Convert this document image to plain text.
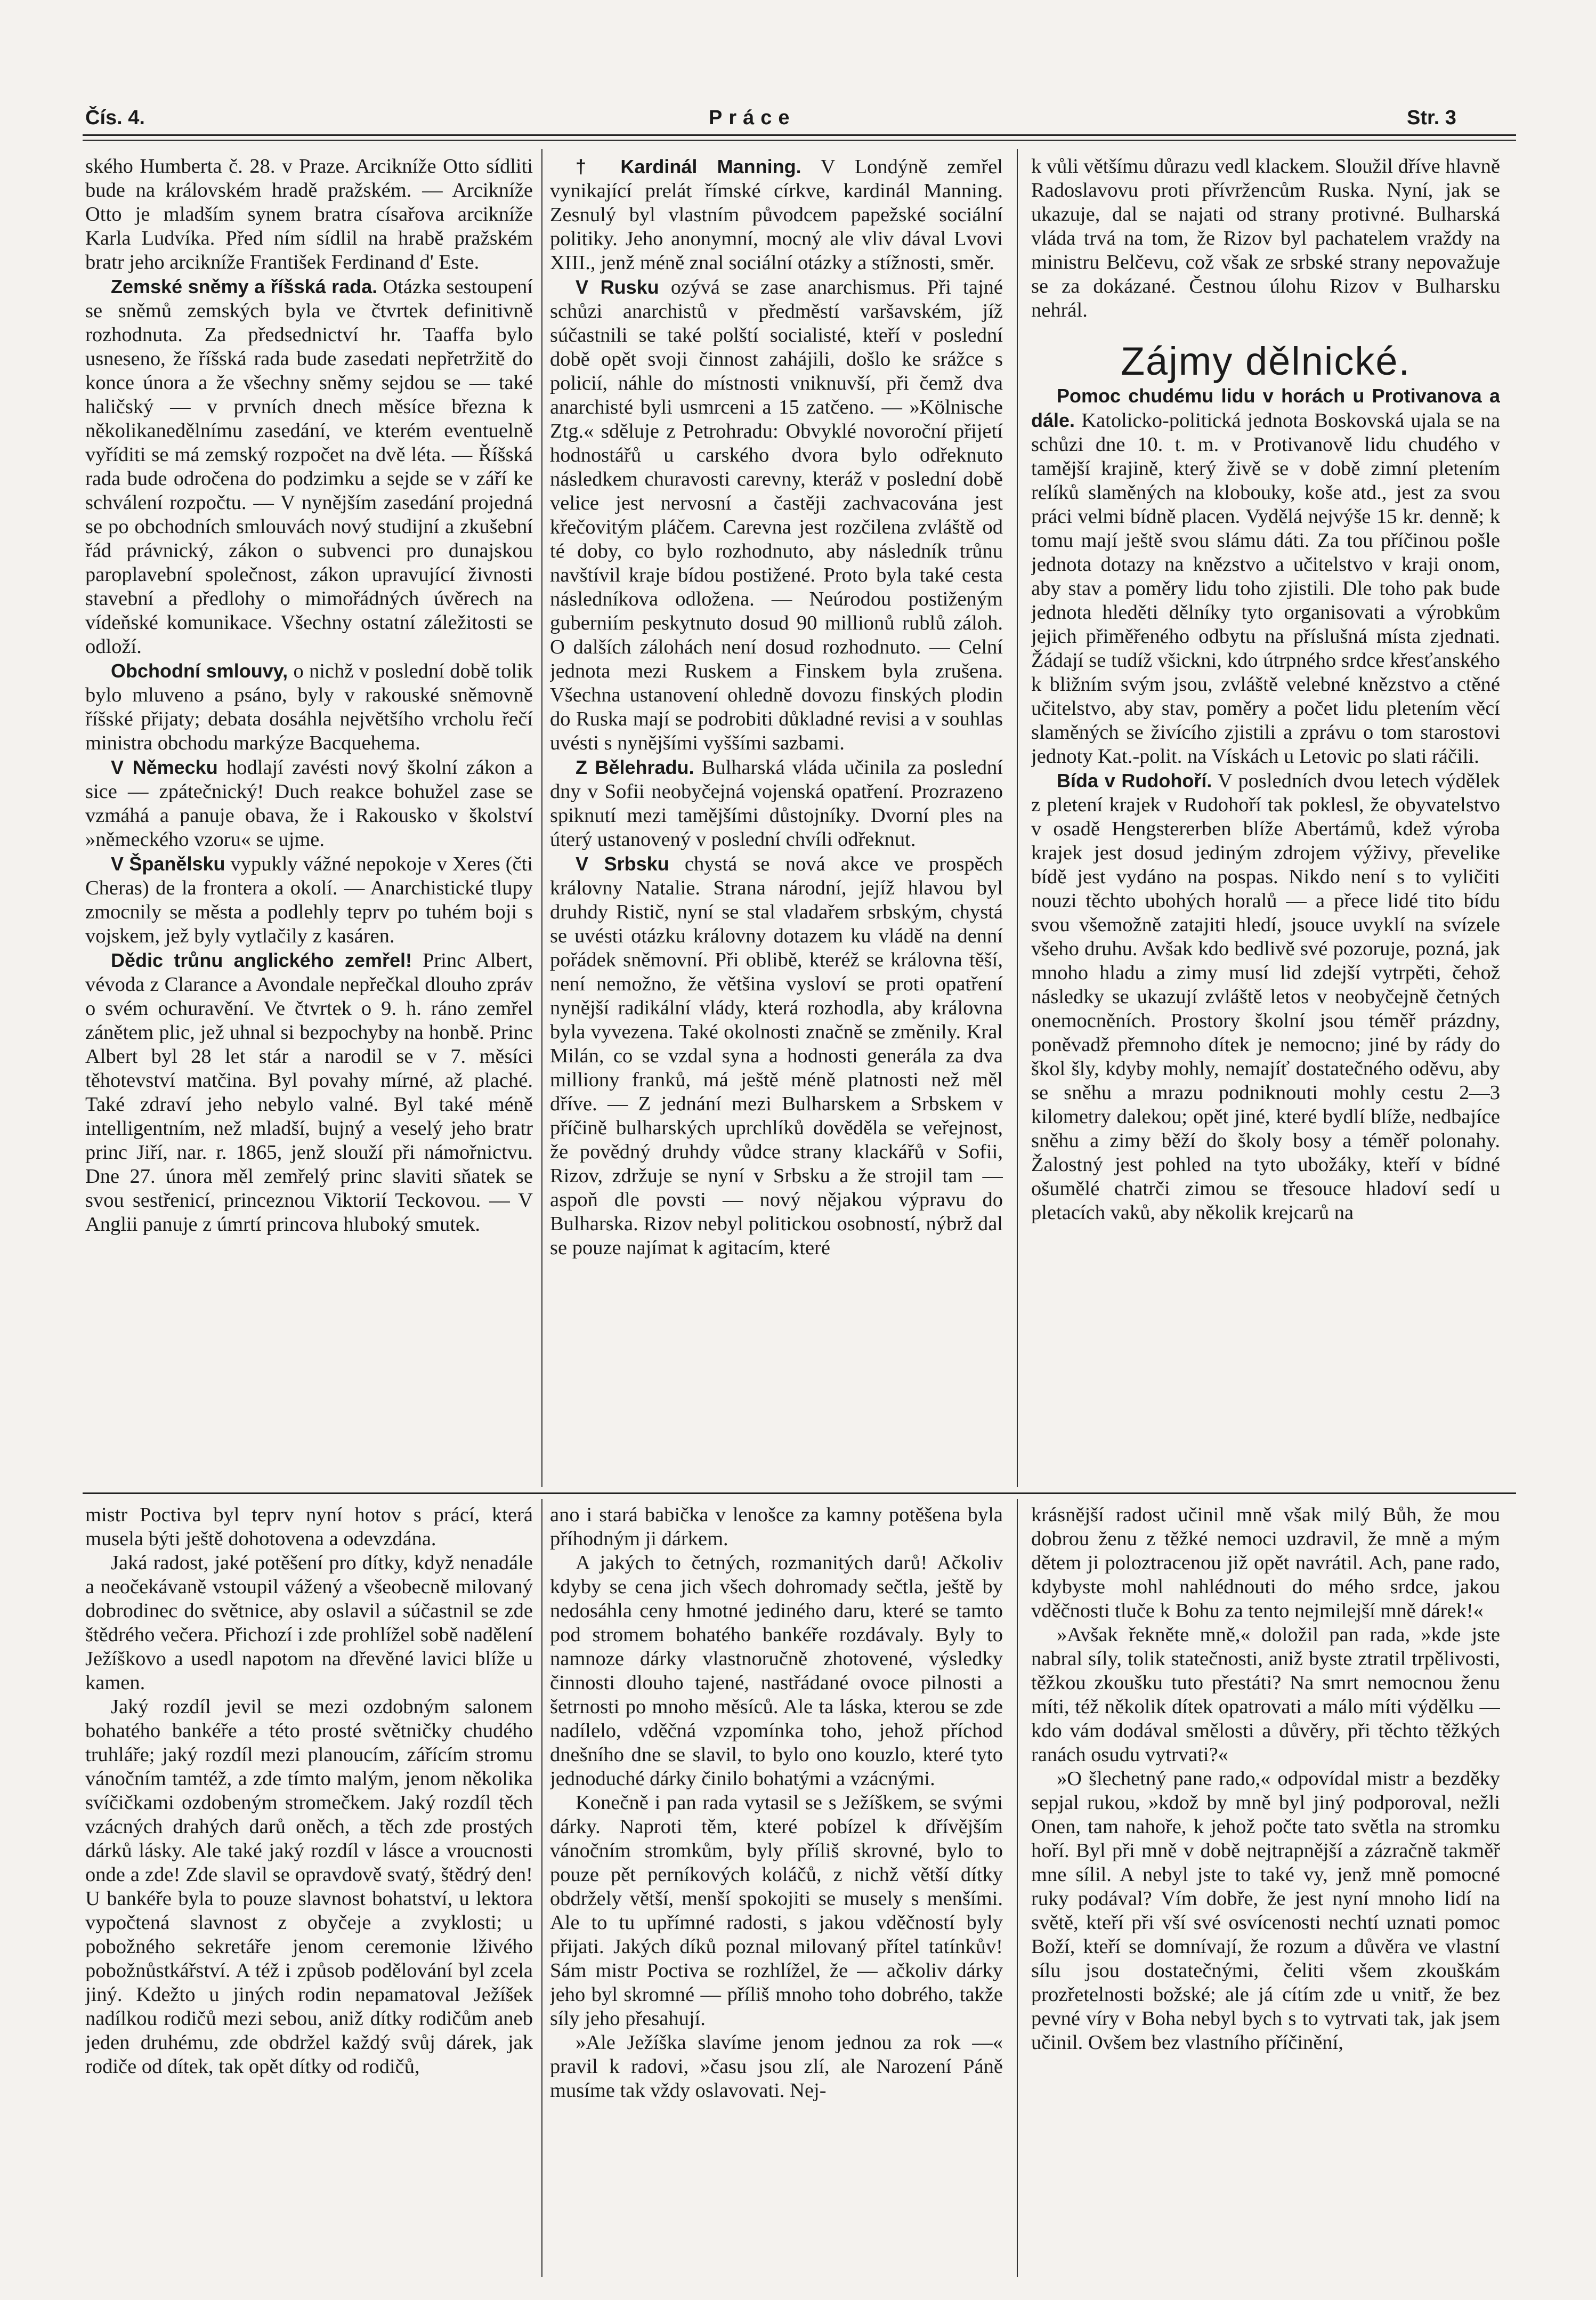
Čís. 4.	Práce	Str. 3

ského Humberta č. 28. v Praze. Arcikníže Otto sídliti bude na královském hradě pražském. — Arcikníže Otto je mladším synem bratra císařova arcikníže Karla Ludvíka. Před ním sídlil na hrabě pražském bratr jeho arcikníže František Ferdinand d' Este.

Zemské sněmy a říšská rada. Otázka sestoupení se sněmů zemských byla ve čtvrtek definitivně rozhodnuta. Za předsednictví hr. Taaffa bylo usneseno, že říšská rada bude zasedati nepřetržitě do konce února a že všechny sněmy sejdou se — také haličský — v prvních dnech měsíce března k několikanedělnímu zasedání, ve kterém eventuelně vyříditi se má zemský rozpočet na dvě léta. — Říšská rada bude odročena do podzimku a sejde se v září ke schválení rozpočtu. — V nynějším zasedání projedná se po obchodních smlouvách nový studijní a zkušební řád právnický, zákon o subvenci pro dunajskou paroplavební společnost, zákon upravující živnosti stavební a předlohy o mimořádných úvěrech na vídeňské komunikace. Všechny ostatní záležitosti se odloží.

Obchodní smlouvy, o nichž v poslední době tolik bylo mluveno a psáno, byly v rakouské sněmovně říšské přijaty; debata dosáhla největšího vrcholu řečí ministra obchodu markýze Bacquehema.

V Německu hodlají zavésti nový školní zákon a sice — zpátečnický! Duch reakce bohužel zase se vzmáhá a panuje obava, že i Rakousko v školství »německého vzoru« se ujme.

V Španělsku vypukly vážné nepokoje v Xeres (čti Cheras) de la frontera a okolí. — Anarchistické tlupy zmocnily se města a podlehly teprv po tuhém boji s vojskem, jež byly vytlačily z kasáren.

Dědic trůnu anglického zemřel! Princ Albert, vévoda z Clarance a Avondale nepřečkal dlouho zpráv o svém ochuravění. Ve čtvrtek o 9. h. ráno zemřel zánětem plic, jež uhnal si bezpochyby na honbě. Princ Albert byl 28 let stár a narodil se v 7. měsíci těhotevství matčina. Byl povahy mírné, až plaché. Také zdraví jeho nebylo valné. Byl také méně intelligentním, než mladší, bujný a veselý jeho bratr princ Jiří, nar. r. 1865, jenž slouží při námořnictvu. Dne 27. února měl zemřelý princ slaviti sňatek se svou sestřenicí, princeznou Viktorií Teckovou. — V Anglii panuje z úmrtí princova hluboký smutek.

† Kardinál Manning. V Londýně zemřel vynikající prelát římské církve, kardinál Manning. Zesnulý byl vlastním původcem papežské sociální politiky. Jeho anonymní, mocný ale vliv dával Lvovi XIII., jenž méně znal sociální otázky a stížnosti, směr.

V Rusku ozývá se zase anarchismus. Při tajné schůzi anarchistů v předměstí varšavském, jíž súčastnili se také polští socialisté, kteří v poslední době opět svoji činnost zahájili, došlo ke srážce s policií, náhle do místnosti vniknuvší, při čemž dva anarchisté byli usmrceni a 15 zatčeno. — »Kölnische Ztg.« sděluje z Petrohradu: Obvyklé novoroční přijetí hodnostářů u carského dvora bylo odřeknuto následkem churavosti carevny, kteráž v poslední době velice jest nervosní a častěji zachvacována jest křečovitým pláčem. Carevna jest rozčilena zvláště od té doby, co bylo rozhodnuto, aby následník trůnu navštívil kraje bídou postižené. Proto byla také cesta následníkova odložena. — Neúrodou postiženým guberniím peskytnuto dosud 90 millionů rublů záloh. O dalších zálohách není dosud rozhodnuto. — Celní jednota mezi Ruskem a Finskem byla zrušena. Všechna ustanovení ohledně dovozu finských plodin do Ruska mají se podrobiti důkladné revisi a v souhlas uvésti s nynějšími vyššími sazbami.

Z Bělehradu. Bulharská vláda učinila za poslední dny v Sofii neobyčejná vojenská opatření. Prozrazeno spiknutí mezi tamějšími důstojníky. Dvorní ples na úterý ustanovený v poslední chvíli odřeknut.

V Srbsku chystá se nová akce ve prospěch královny Natalie. Strana národní, jejíž hlavou byl druhdy Ristič, nyní se stal vladařem srbským, chystá se uvésti otázku královny dotazem ku vládě na denní pořádek sněmovní. Při oblibě, kteréž se královna těší, není nemožno, že většina vysloví se proti opatření nynější radikální vlády, která rozhodla, aby královna byla vyvezena. Také okolnosti značně se změnily. Kral Milán, co se vzdal syna a hodnosti generála za dva milliony franků, má ještě méně platnosti než měl dříve. — Z jednání mezi Bulharskem a Srbskem v příčině bulharských uprchlíků dověděla se veřejnost, že povědný druhdy vůdce strany klackářů v Sofii, Rizov, zdržuje se nyní v Srbsku a že strojil tam — aspoň dle povsti — nový nějakou výpravu do Bulharska. Rizov nebyl politickou osobností, nýbrž dal se pouze najímat k agitacím, které

k vůli většímu důrazu vedl klackem. Sloužil dříve hlavně Radoslavovu proti přívržencům Ruska. Nyní, jak se ukazuje, dal se najati od strany protivné. Bulharská vláda trvá na tom, že Rizov byl pachatelem vraždy na ministru Belčevu, což však ze srbské strany nepovažuje se za dokázané. Čestnou úlohu Rizov v Bulharsku nehrál.

Zájmy dělnické.

Pomoc chudému lidu v horách u Protivanova a dále. Katolicko-politická jednota Boskovská ujala se na schůzi dne 10. t. m. v Protivanově lidu chudého v tamější krajině, který živě se v době zimní pletením relíků slaměných na klobouky, koše atd., jest za svou práci velmi bídně placen. Vydělá nejvýše 15 kr. denně; k tomu mají ještě svou slámu dáti. Za tou příčinou pošle jednota dotazy na knězstvo a učitelstvo v kraji onom, aby stav a poměry lidu toho zjistili. Dle toho pak bude jednota hleděti dělníky tyto organisovati a výrobkům jejich přiměřeného odbytu na příslušná místa zjednati. Žádají se tudíž všickni, kdo útrpného srdce křesťanského k bližním svým jsou, zvláště velebné knězstvo a ctěné učitelstvo, aby stav, poměry a počet lidu pletením věcí slaměných se živícího zjistili a zprávu o tom starostovi jednoty Kat.-polit. na Vískách u Letovic po slati ráčili.

Bída v Rudohoří. V posledních dvou letech výdělek z pletení krajek v Rudohoří tak poklesl, že obyvatelstvo v osadě Hengstererben blíže Abertámů, kdež výroba krajek jest dosud jediným zdrojem výživy, převelike bídě jest vydáno na pospas. Nikdo není s to vyličiti nouzi těchto ubohých horalů — a přece lidé tito bídu svou všemožně zatajiti hledí, jsouce uvyklí na svízele všeho druhu. Avšak kdo bedlivě své pozoruje, pozná, jak mnoho hladu a zimy musí lid zdejší vytrpěti, čehož následky se ukazují zvláště letos v neobyčejně četných onemocněních. Prostory školní jsou téměř prázdny, poněvadž přemnoho dítek je nemocno; jiné by rády do škol šly, kdyby mohly, nemajíť dostatečného oděvu, aby se sněhu a mrazu podniknouti mohly cestu 2—3 kilometry dalekou; opět jiné, které bydlí blíže, nedbajíce sněhu a zimy běží do školy bosy a téměř polonahy. Žalostný jest pohled na tyto ubožáky, kteří v bídné ošumělé chatrči zimou se třesouce hladoví sedí u pletacích vaků, aby několik krejcarů na

mistr Poctiva byl teprv nyní hotov s prácí, která musela býti ještě dohotovena a odevzdána.

Jaká radost, jaké potěšení pro dítky, když nenadále a neočekávaně vstoupil vážený a všeobecně milovaný dobrodinec do světnice, aby oslavil a súčastnil se zde štědrého večera. Přichozí i zde prohlížel sobě nadělení Ježíškovo a usedl napotom na dřevěné lavici blíže u kamen.

Jaký rozdíl jevil se mezi ozdobným salonem bohatého bankéře a této prosté světničky chudého truhláře; jaký rozdíl mezi planoucím, zářícím stromu vánočním tamtéž, a zde tímto malým, jenom několika svíčičkami ozdobeným stromečkem. Jaký rozdíl těch vzácných drahých darů oněch, a těch zde prostých dárků lásky. Ale také jaký rozdíl v lásce a vroucnosti onde a zde! Zde slavil se opravdově svatý, štědrý den! U bankéře byla to pouze slavnost bohatství, u lektora vypočtená slavnost z obyčeje a zvyklosti; u pobožného sekretáře jenom ceremonie lživého pobožnůstkářství. A též i způsob podělování byl zcela jiný. Kdežto u jiných rodin nepamatoval Ježíšek nadílkou rodičů mezi sebou, aniž dítky rodičům aneb jeden druhému, zde obdržel každý svůj dárek, jak rodiče od dítek, tak opět dítky od rodičů,

ano i stará babička v lenošce za kamny potěšena byla příhodným ji dárkem.

A jakých to četných, rozmanitých darů! Ačkoliv kdyby se cena jich všech dohromady sečtla, ještě by nedosáhla ceny hmotné jediného daru, které se tamto pod stromem bohatého bankéře rozdávaly. Byly to namnoze dárky vlastnoručně zhotovené, výsledky činnosti dlouho tajené, nastřádané ovoce pilnosti a šetrnosti po mnoho měsíců. Ale ta láska, kterou se zde nadílelo, vděčná vzpomínka toho, jehož příchod dnešního dne se slavil, to bylo ono kouzlo, které tyto jednoduché dárky činilo bohatými a vzácnými.

Konečně i pan rada vytasil se s Ježíškem, se svými dárky. Naproti těm, které pobízel k dřívějším vánočním stromkům, byly příliš skrovné, bylo to pouze pět perníkových koláčů, z nichž větší dítky obdržely větší, menší spokojiti se musely s menšími. Ale to tu upřímné radosti, s jakou vděčností byly přijati. Jakých díků poznal milovaný přítel tatínkův! Sám mistr Poctiva se rozhlížel, že — ačkoliv dárky jeho byl skromné — příliš mnoho toho dobrého, takže síly jeho přesahují.

»Ale Ježíška slavíme jenom jednou za rok —« pravil k radovi, »času jsou zlí, ale Narození Páně musíme tak vždy oslavovati. Nej-

krásnější radost učinil mně však milý Bůh, že mou dobrou ženu z těžké nemoci uzdravil, že mně a mým dětem ji poloztracenou již opět navrátil. Ach, pane rado, kdybyste mohl nahlédnouti do mého srdce, jakou vděčnosti tluče k Bohu za tento nejmilejší mně dárek!«

»Avšak řekněte mně,« doložil pan rada, »kde jste nabral síly, tolik statečnosti, aniž byste ztratil trpělivosti, těžkou zkoušku tuto přestáti? Na smrt nemocnou ženu míti, též několik dítek opatrovati a málo míti výdělku — kdo vám dodával smělosti a důvěry, při těchto těžkých ranách osudu vytrvati?«

»O šlechetný pane rado,« odpovídal mistr a bezděky sepjal rukou, »kdož by mně byl jiný podporoval, nežli Onen, tam nahoře, k jehož počte tato světla na stromku hoří. Byl při mně v době nejtrapnější a zázračně takměř mne sílil. A nebyl jste to také vy, jenž mně pomocné ruky podával? Vím dobře, že jest nyní mnoho lidí na světě, kteří při vší své osvícenosti nechtí uznati pomoc Boží, kteří se domnívají, že rozum a důvěra ve vlastní sílu jsou dostatečnými, čeliti všem zkouškám prozřetelnosti božské; ale já cítím zde u vnitř, že bez pevné víry v Boha nebyl bych s to vytrvati tak, jak jsem učinil. Ovšem bez vlastního příčinění,
